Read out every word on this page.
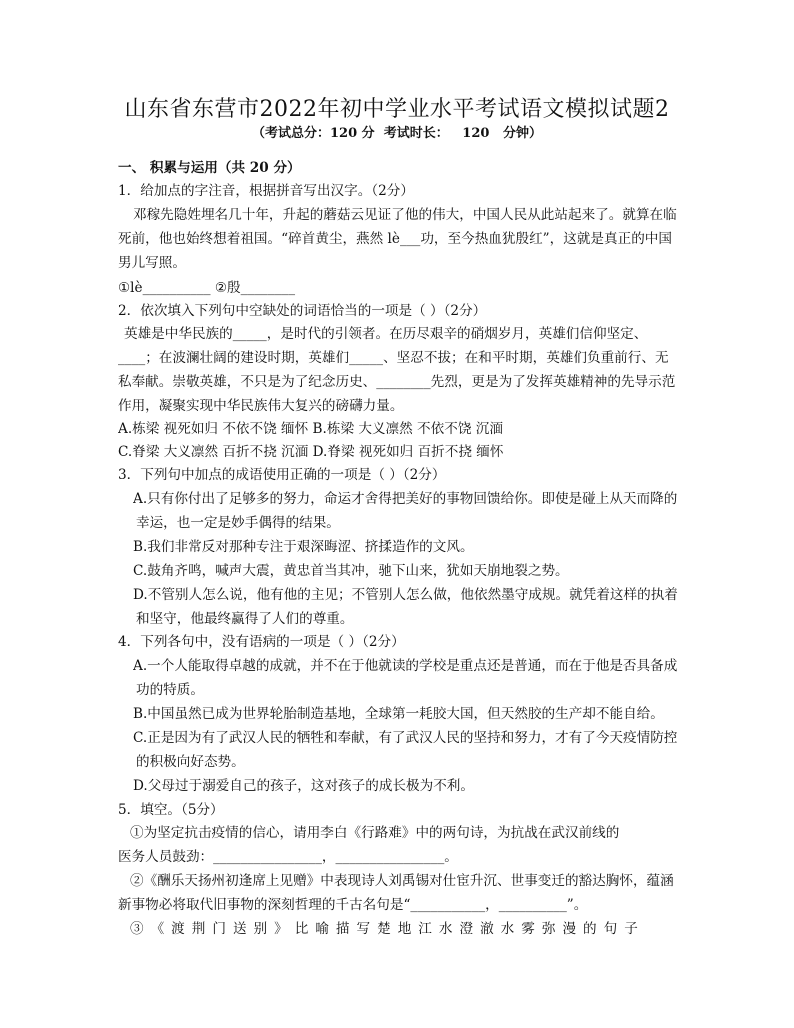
山东省东营市2022年初中学业水平考试语文模拟试题2
（考试总分：120 分  考试时长：   120   分钟）
一、 积累与运用（共 20 分）
1．给加点的字注音，根据拼音写出汉字。（2分）
邓稼先隐姓埋名几十年，升起的蘑菇云见证了他的伟大，中国人民从此站起来了。就算在临
死前，他也始终想着祖国。“碎首黄尘，燕然 lè___功，至今热血犹殷红”，这就是真正的中国
男儿写照。
①lè__________ ②殷________
2．依次填入下列句中空缺处的词语恰当的一项是（ ）（2分）
英雄是中华民族的_____，是时代的引领者。在历尽艰辛的硝烟岁月，英雄们信仰坚定、
____；在波澜壮阔的建设时期，英雄们_____、坚忍不拔；在和平时期，英雄们负重前行、无
私奉献。崇敬英雄，不只是为了纪念历史、________先烈，更是为了发挥英雄精神的先导示范
作用，凝聚实现中华民族伟大复兴的磅礴力量。
A.栋梁 视死如归 不依不饶 缅怀 B.栋梁 大义凛然 不依不饶 沉湎
C.脊梁 大义凛然 百折不挠 沉湎 D.脊梁 视死如归 百折不挠 缅怀
3．下列句中加点的成语使用正确的一项是（ ）（2分）
A.只有你付出了足够多的努力，命运才舍得把美好的事物回馈给你。即使是碰上从天而降的
幸运，也一定是妙手偶得的结果。
B.我们非常反对那种专注于艰深晦涩、挤揉造作的文风。
C.鼓角齐鸣，喊声大震，黄忠首当其冲，驰下山来，犹如天崩地裂之势。
D.不管别人怎么说，他有他的主见；不管别人怎么做，他依然墨守成规。就凭着这样的执着
和坚守，他最终赢得了人们的尊重。
4．下列各句中，没有语病的一项是（ ）（2分）
A.一个人能取得卓越的成就，并不在于他就读的学校是重点还是普通，而在于他是否具备成
功的特质。
B.中国虽然已成为世界轮胎制造基地，全球第一耗胶大国，但天然胶的生产却不能自给。
C.正是因为有了武汉人民的牺牲和奉献，有了武汉人民的坚持和努力，才有了今天疫情防控
的积极向好态势。
D.父母过于溺爱自己的孩子，这对孩子的成长极为不利。
5．填空。（5分）
①为坚定抗击疫情的信心，请用李白《行路难》中的两句诗，为抗战在武汉前线的
医务人员鼓劲：________________，________________。
②《酬乐天扬州初逢席上见赠》中表现诗人刘禹锡对仕宦升沉、世事变迁的豁达胸怀，蕴涵
新事物必将取代旧事物的深刻哲理的千古名句是“___________，__________”。
③《渡荆门送别》比喻描写楚地江水澄澈水雾弥漫的句子
